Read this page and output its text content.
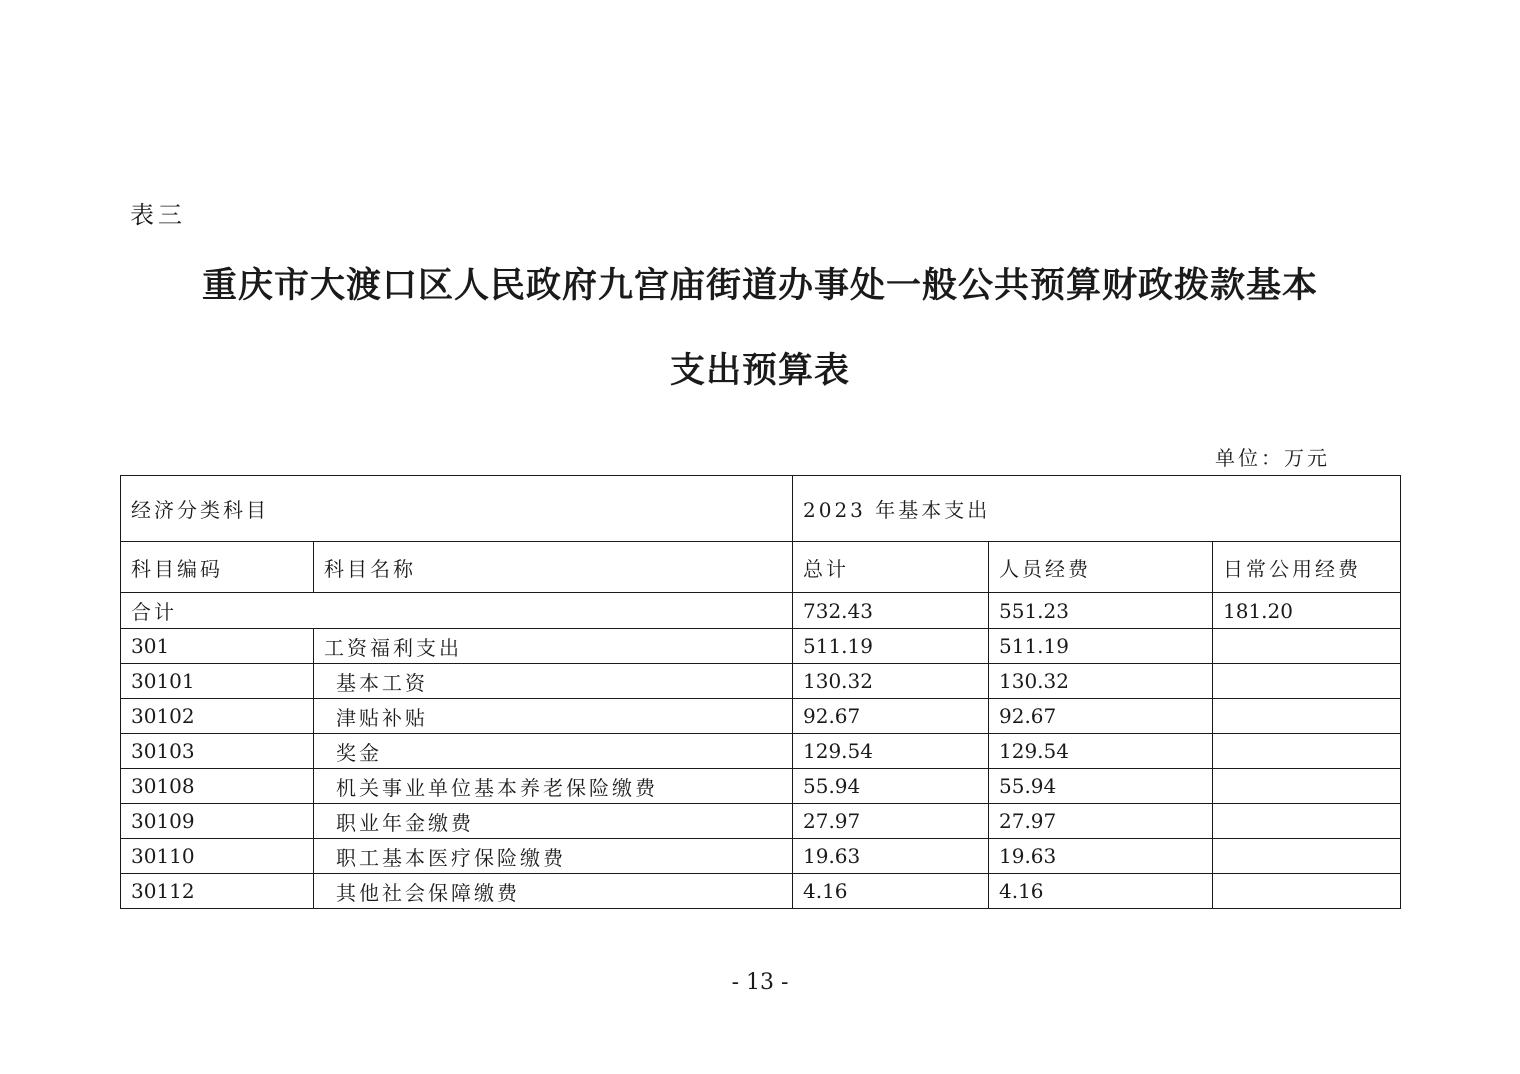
表三
重庆市大渡口区人民政府九宫庙街道办事处一般公共预算财政拨款基本
支出预算表
单位：万元
经济分类科目		2023 年基本支出		
科目编码	科目名称	总计	人员经费	日常公用经费
合计		732.43	551.23	181.20
301	工资福利支出	511.19	511.19	
30101	基本工资	130.32	130.32	
30102	津贴补贴	92.67	92.67	
30103	奖金	129.54	129.54	
30108	机关事业单位基本养老保险缴费	55.94	55.94	
30109	职业年金缴费	27.97	27.97	
30110	职工基本医疗保险缴费	19.63	19.63	
30112	其他社会保障缴费	4.16	4.16	
- 13 -
